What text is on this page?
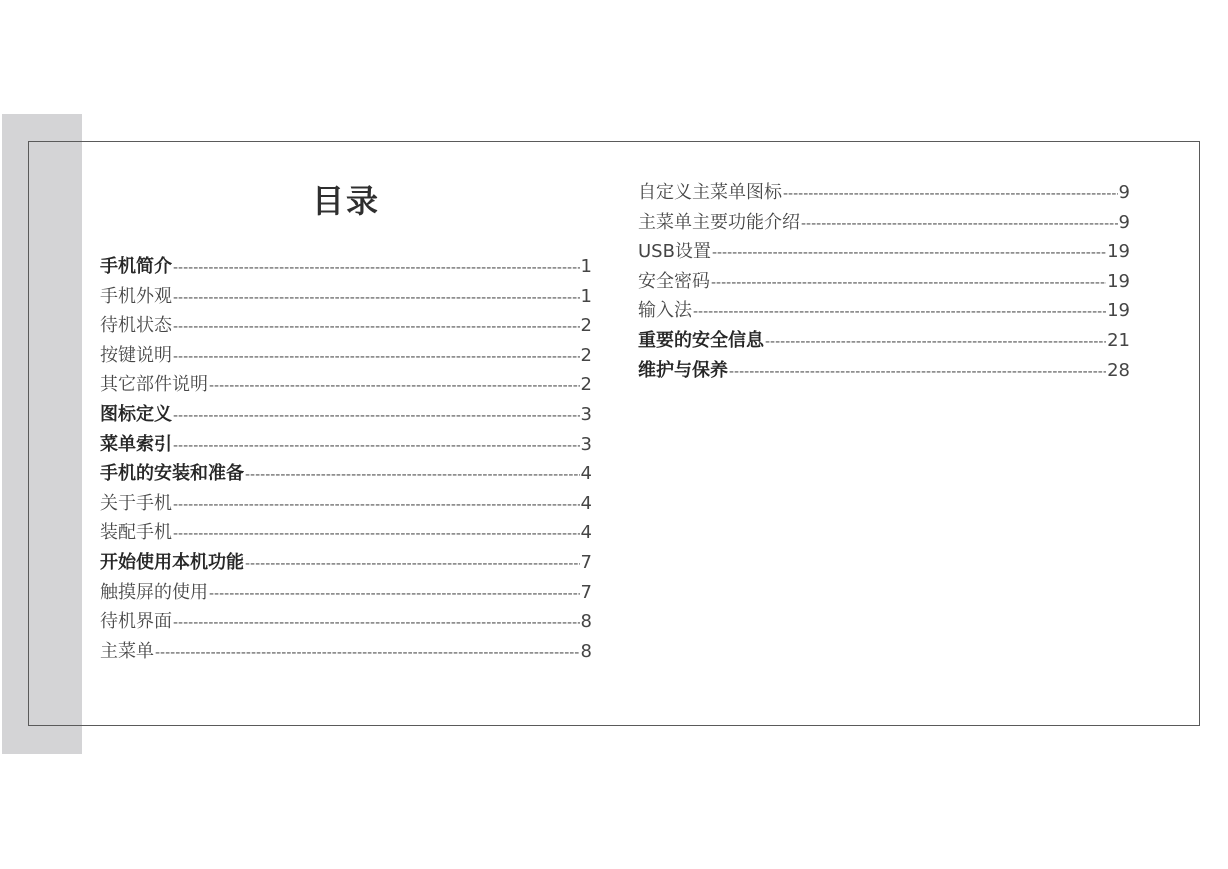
目录
手机简介 -----	1
手机外观 -----	1
待机状态 -----	2
按键说明 -----	2
其它部件说明 -----	2
图标定义 -----	3
菜单索引 -----	3
手机的安装和准备 -----	4
关于手机 -----	4
装配手机 -----	4
开始使用本机功能 -----	7
触摸屏的使用 -----	7
待机界面 -----	8
主菜单 -----	8
自定义主菜单图标 -----	9
主菜单主要功能介绍 -----	9
USB设置 -----	19
安全密码 -----	19
输入法 -----	19
重要的安全信息 -----	21
维护与保养 -----	28
